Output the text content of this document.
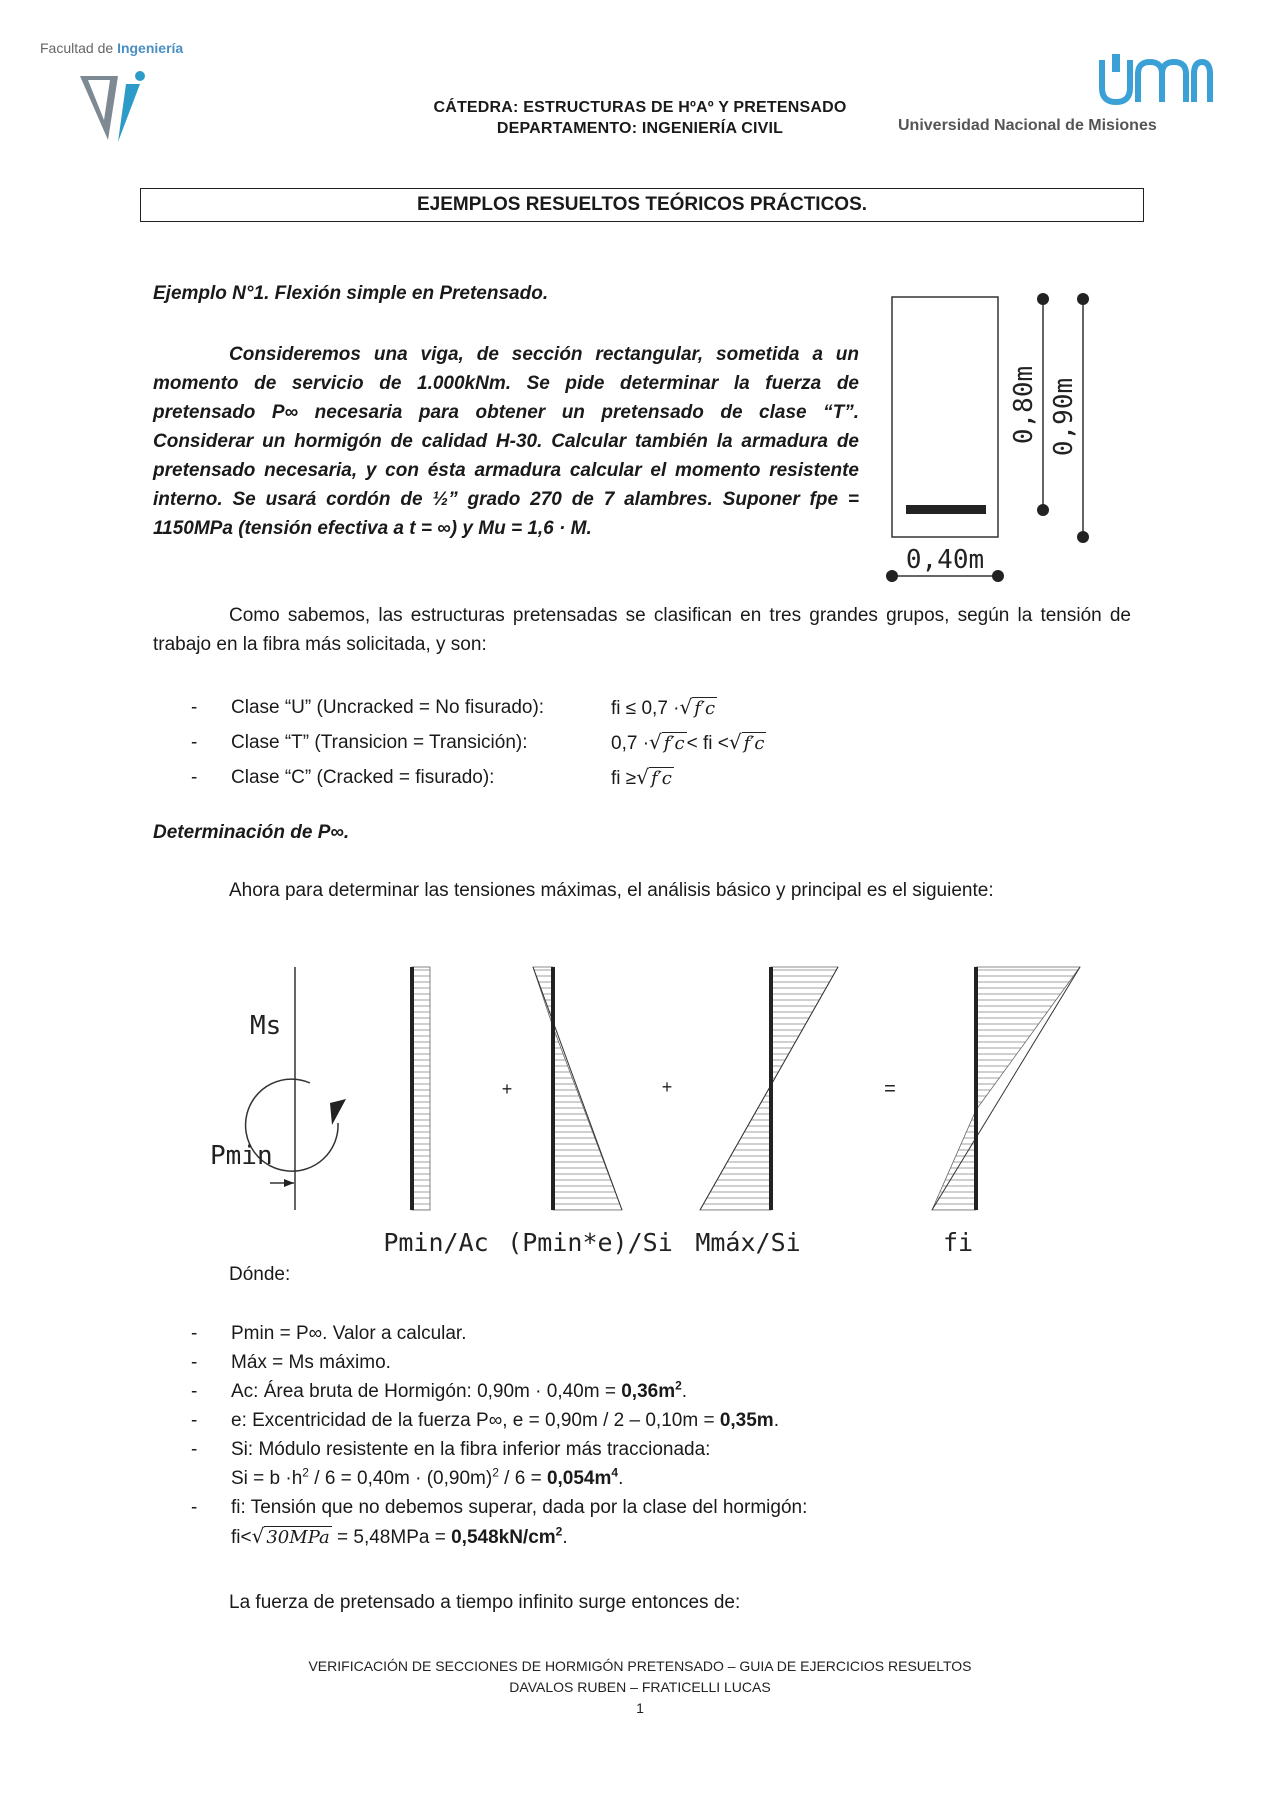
Facultad de Ingeniería
CÁTEDRA: ESTRUCTURAS DE HºAº Y PRETENSADO
DEPARTAMENTO: INGENIERÍA CIVIL	Universidad Nacional de Misiones
EJEMPLOS RESUELTOS TEÓRICOS PRÁCTICOS.
Ejemplo N°1. Flexión simple en Pretensado.
Consideremos una viga, de sección rectangular, sometida a un momento de servicio de 1.000kNm. Se pide determinar la fuerza de pretensado P∞ necesaria para obtener un pretensado de clase “T”. Considerar un hormigón de calidad H-30. Calcular también la armadura de pretensado necesaria, y con ésta armadura calcular el momento resistente interno. Se usará cordón de ½” grado 270 de 7 alambres. Suponer fpe = 1150MPa (tensión efectiva a t = ∞) y Mu = 1,6 · M.
0,80m 0,90m
0,40m
Como sabemos, las estructuras pretensadas se clasifican en tres grandes grupos, según la tensión de trabajo en la fibra más solicitada, y son:
- Clase “U” (Uncracked = No fisurado):	fi ≤ 0,7 ·√ f′c
- Clase “T” (Transicion = Transición):	0,7 ·√ f′c < fi <√ f′c
- Clase “C” (Cracked = fisurado):	fi ≥√ f′c
Determinación de P∞.
Ahora para determinar las tensiones máximas, el análisis básico y principal es el siguiente:
Ms
Pmin
+	+	=
Pmin/Ac (Pmin*e)/Si Mmáx/Si	fi
Dónde:
- Pmin = P∞. Valor a calcular.
- Máx = Ms máximo.
- Ac: Área bruta de Hormigón: $0,90m \cdot 0,40m = 0,36m^2$.
- e: Excentricidad de la fuerza P∞, e = 0,90m / 2 – 0,10m = 0,35m.
- Si: Módulo resistente en la fibra inferior más traccionada:
$Si = b \cdot h^2 / 6 = 0,40m \cdot (0,90m)^2 / 6 = 0,054m^4$.
- fi: Tensión que no debemos superar, dada por la clase del hormigón:
fi<√ $30MPa = 5,48MPa = 0,548kN/cm^2$.
La fuerza de pretensado a tiempo infinito surge entonces de:
VERIFICACIÓN DE SECCIONES DE HORMIGÓN PRETENSADO – GUIA DE EJERCICIOS RESUELTOS
DAVALOS RUBEN – FRATICELLI LUCAS
1
